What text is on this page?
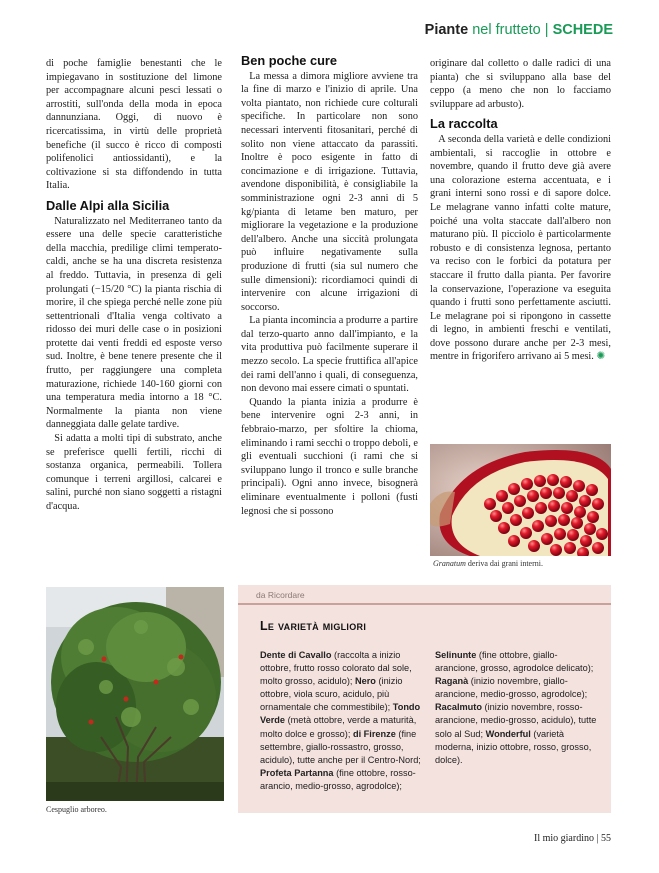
Piante nel frutteto | SCHEDE

di poche famiglie benestanti che le impiegavano in sostituzione del limone per accompagnare alcuni pesci lessati o arrostiti, sull'onda della moda in epoca dannunziana. Oggi, di nuovo è ricercatissima, in virtù delle proprietà benefiche (il succo è ricco di composti polifenolici antiossidanti), e la coltivazione si sta diffondendo in tutta Italia.

Dalle Alpi alla Sicilia

Naturalizzato nel Mediterraneo tanto da essere una delle specie caratteristiche della macchia, predilige climi temperato-caldi, anche se ha una discreta resistenza al freddo. Tuttavia, in presenza di geli prolungati (−15/20 °C) la pianta rischia di morire, il che spiega perché nelle zone più settentrionali d'Italia venga coltivato a ridosso dei muri delle case o in posizioni protette dai venti freddi ed esposte verso sud. Inoltre, è bene tenere presente che il frutto, per raggiungere una completa maturazione, richiede 140-160 giorni con una temperatura media intorno a 18 °C. Normalmente la pianta non viene danneggiata dalle gelate tardive.

Si adatta a molti tipi di substrato, anche se preferisce quelli fertili, ricchi di sostanza organica, permeabili. Tollera comunque i terreni argillosi, calcarei e salini, purché non siano soggetti a ristagni d'acqua.

Ben poche cure

La messa a dimora migliore avviene tra la fine di marzo e l'inizio di aprile. Una volta piantato, non richiede cure colturali specifiche. In particolare non sono necessari interventi fitosanitari, perché di solito non viene attaccato da parassiti. Inoltre è poco esigente in fatto di concimazione e di irrigazione. Tuttavia, avendone disponibilità, è consigliabile la somministrazione ogni 2-3 anni di 5 kg/pianta di letame ben maturo, per migliorare la vegetazione e la produzione dell'albero. Anche una siccità prolungata può influire negativamente sulla produzione di frutti (sia sul numero che sulle dimensioni): ricordiamoci quindi di intervenire con alcune irrigazioni di soccorso.

La pianta incomincia a produrre a partire dal terzo-quarto anno dall'impianto, e la vita produttiva può facilmente superare il mezzo secolo. La specie fruttifica all'apice dei rami dell'anno i quali, di conseguenza, non devono mai essere cimati o spuntati.

Quando la pianta inizia a produrre è bene intervenire ogni 2-3 anni, in febbraio-marzo, per sfoltire la chioma, eliminando i rami secchi o troppo deboli, e gli eventuali succhioni (i rami che si sviluppano lungo il tronco e sulle branche principali). Ogni anno invece, bisognerà eliminare eventualmente i polloni (fusti legnosi che si possono

originare dal colletto o dalle radici di una pianta) che si sviluppano alla base del ceppo (a meno che non lo facciamo sviluppare ad arbusto).

La raccolta

A seconda della varietà e delle condizioni ambientali, si raccoglie in ottobre e novembre, quando il frutto deve già avere una colorazione esterna accentuata, e i grani interni sono rossi e di sapore dolce. Le melagrane vanno infatti colte mature, poiché una volta staccate dall'albero non maturano più. Il picciolo è particolarmente robusto e di consistenza legnosa, pertanto va reciso con le forbici da potatura per staccare il frutto dalla pianta. Per favorire la conservazione, l'operazione va eseguita quando i frutti sono perfettamente asciutti. Le melagrane poi si ripongono in cassette di legno, in ambienti freschi e ventilati, dove possono durare anche per 2-3 mesi, mentre in frigorifero arrivano ai 5 mesi. ✺

Granatum deriva dai grani interni.
Cespuglio arboreo.
da Ricordare
Le varietà migliori
Dente di Cavallo (raccolta a inizio ottobre, frutto rosso colorato dal sole, molto grosso, acidulo); Nero (inizio ottobre, viola scuro, acidulo, più ornamentale che commestibile); Tondo Verde (metà ottobre, verde a maturità, molto dolce e grosso); di Firenze (fine settembre, giallo-rossastro, grosso, acidulo), tutte anche per il Centro-Nord; Profeta Partanna (fine ottobre, rosso-arancio, medio-grosso, agrodolce);
Selinunte (fine ottobre, giallo-arancione, grosso, agrodolce delicato); Raganà (inizio novembre, giallo-arancione, medio-grosso, agrodolce); Racalmuto (inizio novembre, rosso-arancione, medio-grosso, acidulo), tutte solo al Sud; Wonderful (varietà moderna, inizio ottobre, rosso, grosso, dolce).
Il mio giardino | 55
